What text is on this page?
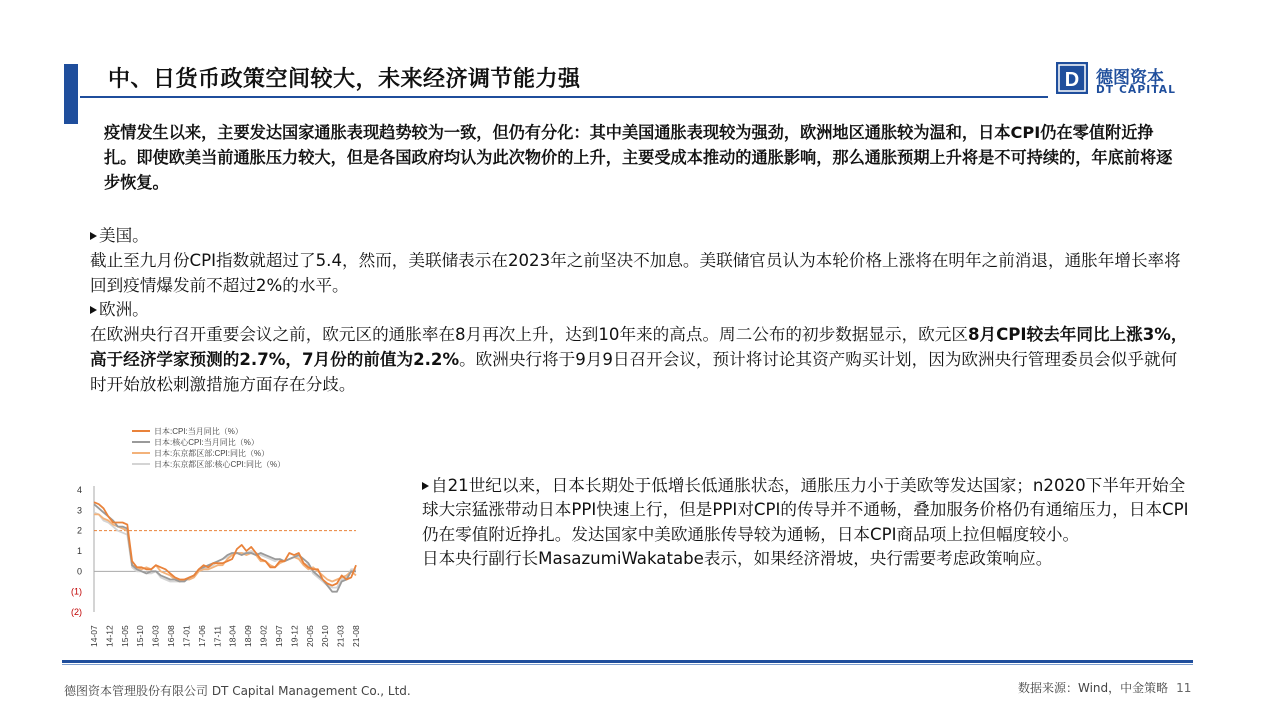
中、日货币政策空间较大，未来经济调节能力强	D 德图资本
DT CAPITAL
疫情发生以来，主要发达国家通胀表现趋势较为一致，但仍有分化：其中美国通胀表现较为强劲，欧洲地区通胀较为温和，日本CPI仍在零值附近挣扎。即使欧美当前通胀压力较大，但是各国政府均认为此次物价的上升，主要受成本推动的通胀影响，那么通胀预期上升将是不可持续的，年底前将逐步恢复。

美国。

截止至九月份CPI指数就超过了5.4，然而，美联储表示在2023年之前坚决不加息。美联储官员认为本轮价格上涨将在明年之前消退，通胀年增长率将回到疫情爆发前不超过2%的水平。

欧洲。

在欧洲央行召开重要会议之前，欧元区的通胀率在8月再次上升，达到10年来的高点。周二公布的初步数据显示，欧元区8月CPI较去年同比上涨3%，高于经济学家预测的2.7%，7月份的前值为2.2%。欧洲央行将于9月9日召开会议，预计将讨论其资产购买计划，因为欧洲央行管理委员会似乎就何时开始放松刺激措施方面存在分歧。

日本:CPI:当月同比（%）
日本:核心CPI:当月同比（%）
日本:东京都区部:CPI:同比（%）
日本:东京都区部:核心CPI:同比（%）
4
3
2
1
0
(1)
(2)
14-07 14-12 15-05 15-10 16-03 16-08 17-01 17-06 17-11 18-04 18-09 19-02 19-07 19-12 20-05 20-10 21-03 21-08

自21世纪以来，日本长期处于低增长低通胀状态，通胀压力小于美欧等发达国家；n2020下半年开始全球大宗猛涨带动日本PPI快速上行，但是PPI对CPI的传导并不通畅，叠加服务价格仍有通缩压力，日本CPI仍在零值附近挣扎。发达国家中美欧通胀传导较为通畅，日本CPI商品项上拉但幅度较小。

日本央行副行长MasazumiWakatabe表示，如果经济滑坡，央行需要考虑政策响应。

德图资本管理股份有限公司 DT Capital Management Co., Ltd.	数据来源：Wind，中金策略 11
